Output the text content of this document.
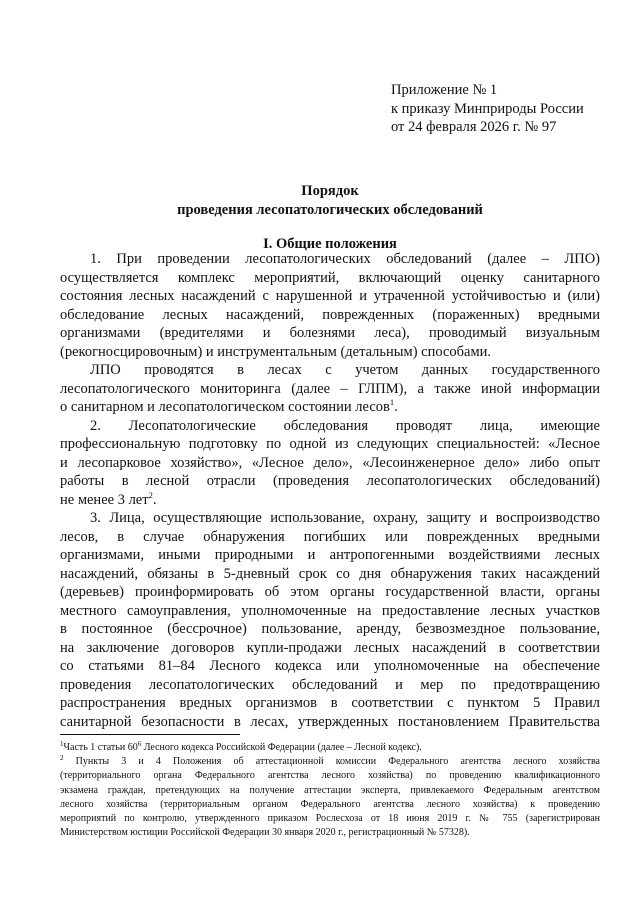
Приложение № 1
к приказу Минприроды России
от 24 февраля 2026 г. № 97
Порядок
проведения лесопатологических обследований
I. Общие положения
1. При проведении лесопатологических обследований (далее – ЛПО)
осуществляется комплекс мероприятий, включающий оценку санитарного
состояния лесных насаждений с нарушенной и утраченной устойчивостью и (или)
обследование лесных насаждений, поврежденных (пораженных) вредными
организмами (вредителями и болезнями леса), проводимый визуальным
(рекогносцировочным) и инструментальным (детальным) способами.
ЛПО проводятся в лесах с учетом данных государственного
лесопатологического мониторинга (далее – ГЛПМ), а также иной информации
о санитарном и лесопатологическом состоянии лесов$^1$.
2. Лесопатологические обследования проводят лица, имеющие
профессиональную подготовку по одной из следующих специальностей: «Лесное
и лесопарковое хозяйство», «Лесное дело», «Лесоинженерное дело» либо опыт
работы в лесной отрасли (проведения лесопатологических обследований)
не менее 3 лет$^2$.
3. Лица, осуществляющие использование, охрану, защиту и воспроизводство
лесов, в случае обнаружения погибших или поврежденных вредными
организмами, иными природными и антропогенными воздействиями лесных
насаждений, обязаны в 5-дневный срок со дня обнаружения таких насаждений
(деревьев) проинформировать об этом органы государственной власти, органы
местного самоуправления, уполномоченные на предоставление лесных участков
в постоянное (бессрочное) пользование, аренду, безвозмездное пользование,
на заключение договоров купли-продажи лесных насаждений в соответствии
со статьями 81–84 Лесного кодекса или уполномоченные на обеспечение
проведения лесопатологических обследований и мер по предотвращению
распространения вредных организмов в соответствии с пунктом 5 Правил
санитарной безопасности в лесах, утвержденных постановлением Правительства
$^1$Часть 1 статьи $60^6$ Лесного кодекса Российской Федерации (далее – Лесной кодекс).
$^2$ Пункты 3 и 4 Положения об аттестационной комиссии Федерального агентства лесного хозяйства
(территориального органа Федерального агентства лесного хозяйства) по проведению квалификационного
экзамена граждан, претендующих на получение аттестации эксперта, привлекаемого Федеральным агентством
лесного хозяйства (территориальным органом Федерального агентства лесного хозяйства) к проведению
мероприятий по контролю, утвержденного приказом Рослесхоза от 18 июня 2019 г. № 755 (зарегистрирован
Министерством юстиции Российской Федерации 30 января 2020 г., регистрационный № 57328).
